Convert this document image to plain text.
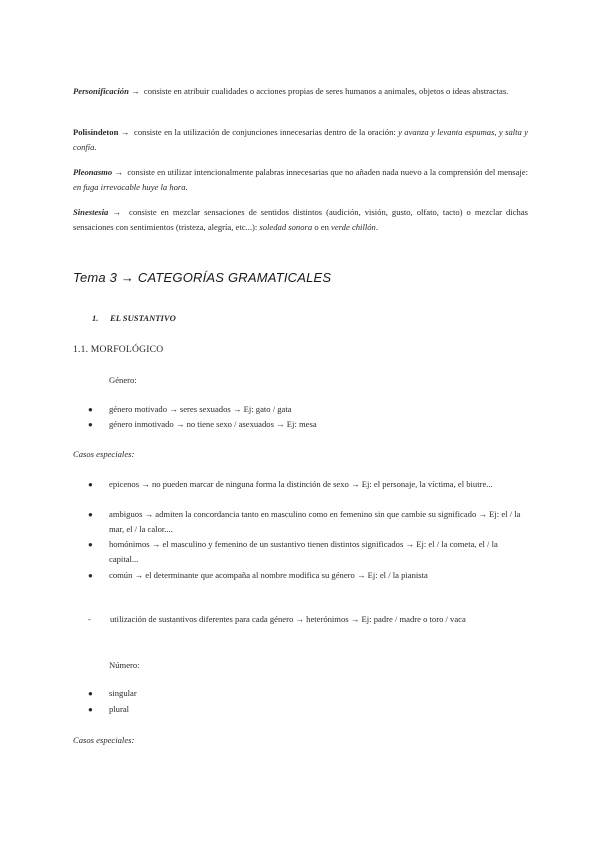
Personificación → consiste en atribuir cualidades o acciones propias de seres humanos a animales, objetos o ideas abstractas.

Polisíndeton → consiste en la utilización de conjunciones innecesarias dentro de la oración: y avanza y levanta espumas, y salta y confía.

Pleonasmo → consiste en utilizar intencionalmente palabras innecesarias que no añaden nada nuevo a la comprensión del mensaje: en fuga irrevocable huye la hora.

Sinestesia → consiste en mezclar sensaciones de sentidos distintos (audición, visión, gusto, olfato, tacto) o mezclar dichas sensaciones con sentimientos (tristeza, alegría, etc...): soledad sonora o en verde chillón.

Tema 3 → CATEGORÍAS GRAMATICALES
1. EL SUSTANTIVO
1.1. MORFOLÓGICO
Género:
● género motivado → seres sexuados → Ej: gato / gata
● género inmotivado → no tiene sexo / asexuados → Ej: mesa
Casos especiales:
● epicenos → no pueden marcar de ninguna forma la distinción de sexo → Ej: el personaje, la víctima, el biutre...
● ambiguos → admiten la concordancia tanto en masculino como en femenino sin que cambie su significado → Ej: el / la mar, el / la calor....
● homónimos → el masculino y femenino de un sustantivo tienen distintos significados → Ej: el / la cometa, el / la capital...
● común → el determinante que acompaña al nombre modifica su género → Ej: el / la pianista
- utilización de sustantivos diferentes para cada género → heterónimos → Ej: padre / madre o toro / vaca
Número:
● singular
● plural
Casos especiales:
